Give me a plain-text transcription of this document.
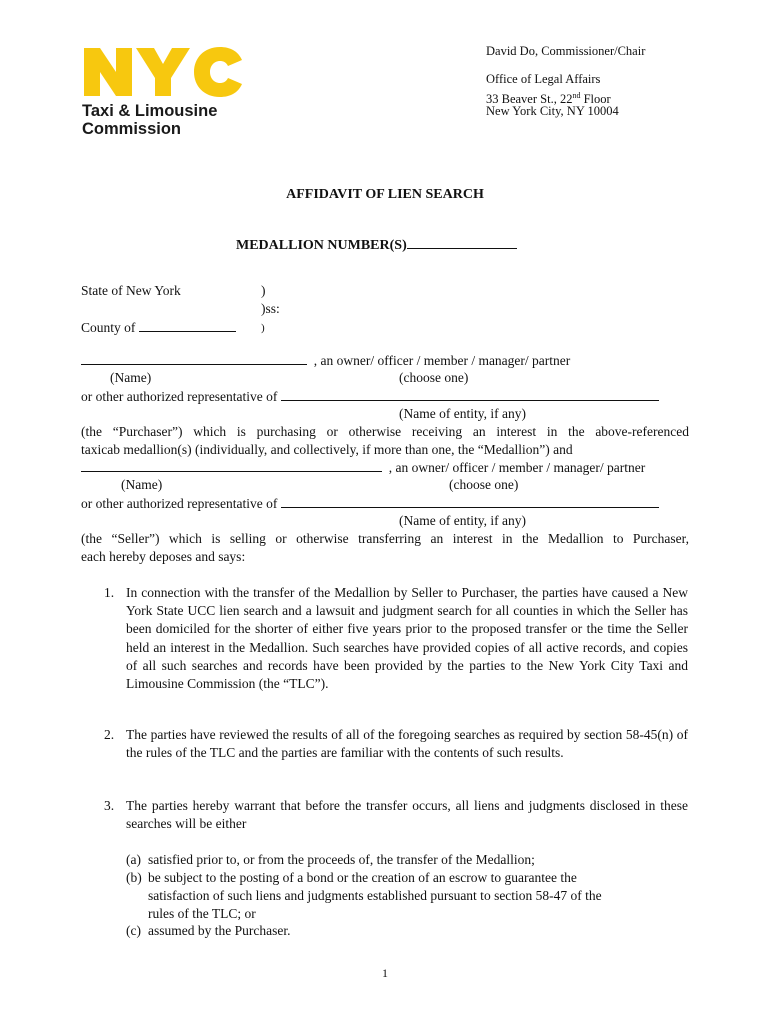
Taxi & Limousine
Commission
David Do, Commissioner/Chair
Office of Legal Affairs
33 Beaver St., 22nd Floor
New York City, NY 10004
AFFIDAVIT OF LIEN SEARCH
MEDALLION NUMBER(S)
State of New York	)
)ss:
County of	)
, an owner/ officer / member / manager/ partner
(Name)	(choose one)
or other authorized representative of
(Name of entity, if any)
(the “Purchaser”) which is purchasing or otherwise receiving an interest in the above-referenced
taxicab medallion(s) (individually, and collectively, if more than one, the “Medallion”) and
, an owner/ officer / member / manager/ partner
(Name)	(choose one)
or other authorized representative of
(Name of entity, if any)
(the “Seller”) which is selling or otherwise transferring an interest in the Medallion to Purchaser,
each hereby deposes and says:
1. In connection with the transfer of the Medallion by Seller to Purchaser, the parties have caused a New York State UCC lien search and a lawsuit and judgment search for all counties in which the Seller has been domiciled for the shorter of either five years prior to the proposed transfer or the time the Seller held an interest in the Medallion. Such searches have provided copies of all active records, and copies of all such searches and records have been provided by the parties to the New York City Taxi and Limousine Commission (the “TLC”).
2. The parties have reviewed the results of all of the foregoing searches as required by section 58-45(n) of the rules of the TLC and the parties are familiar with the contents of such results.
3. The parties hereby warrant that before the transfer occurs, all liens and judgments disclosed in these searches will be either
(a) satisfied prior to, or from the proceeds of, the transfer of the Medallion;
(b) be subject to the posting of a bond or the creation of an escrow to guarantee the
satisfaction of such liens and judgments established pursuant to section 58-47 of the
rules of the TLC; or
(c) assumed by the Purchaser.
1
